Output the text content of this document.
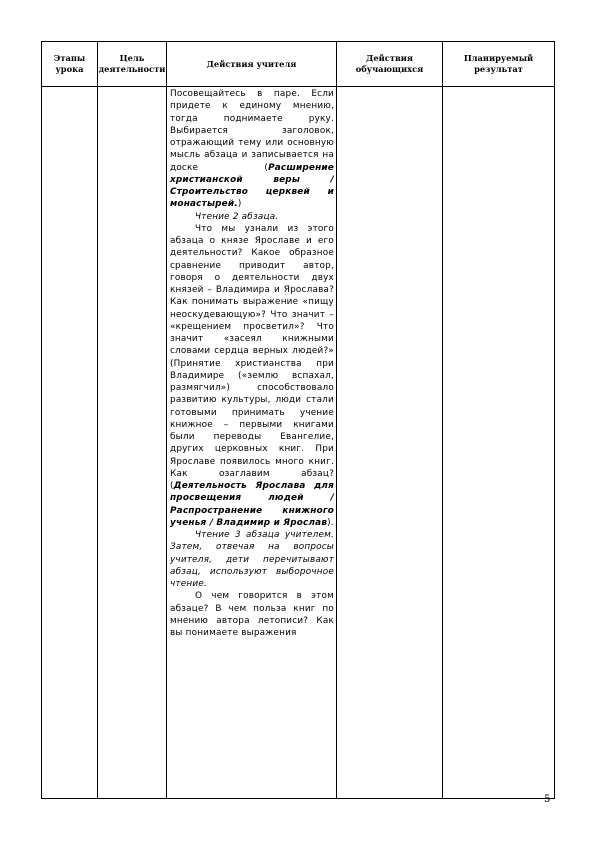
Этапы урока	Цель деятельности	Действия учителя	Действия обучающихся	Планируемый результат

		Посовещайтесь в паре. Если придете к единому мнению, тогда поднимаете руку. Выбирается заголовок, отражающий тему или основную мысль абзаца и записывается на доске (Расширение христианской веры / Строительство церквей и монастырей.)

Чтение 2 абзаца.

Что мы узнали из этого абзаца о князе Ярославе и его деятельности? Какое образное сравнение приводит автор, говоря о деятельности двух князей – Владимира и Ярослава? Как понимать выражение «пищу неоскудевающую»? Что значит – «крещением просветил»? Что значит «засеял книжными словами сердца верных людей?» (Принятие христианства при Владимире («землю вспахал, размягчил») способствовало развитию культуры, люди стали готовыми принимать учение книжное – первыми книгами были переводы Евангелие, других церковных книг. При Ярославе появилось много книг. Как озаглавим абзац? (Деятельность Ярослава для просвещения людей / Распространение книжного ученья / Владимир и Ярослав).

Чтение 3 абзаца учителем. Затем, отвечая на вопросы учителя, дети перечитывают абзац, используют выборочное чтение.

О чем говорится в этом абзаце? В чем польза книг по мнению автора летописи? Как вы понимаете выражения		

5
